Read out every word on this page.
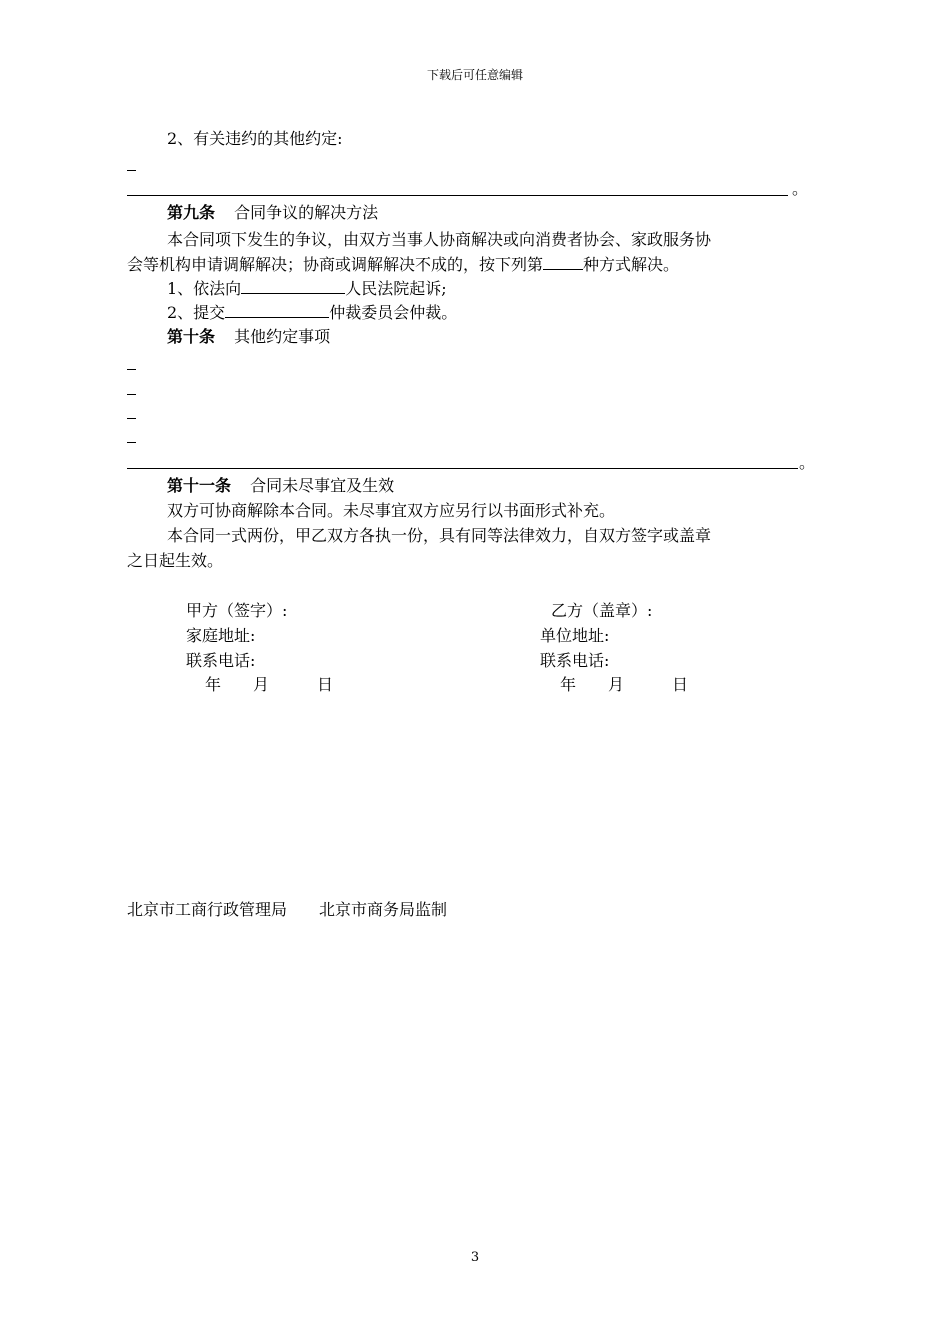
下载后可任意编辑
2、有关违约的其他约定:
。
第九条 合同争议的解决方法
本合同项下发生的争议，由双方当事人协商解决或向消费者协会、家政服务协
会等机构申请调解解决；协商或调解解决不成的，按下列第	种方式解决。
1、依法向	人民法院起诉;
2、提交	仲裁委员会仲裁。
第十条 其他约定事项
。
第十一条 合同未尽事宜及生效
双方可协商解除本合同。未尽事宜双方应另行以书面形式补充。
本合同一式两份，甲乙双方各执一份，具有同等法律效力，自双方签字或盖章
之日起生效。
甲方（签字）:
家庭地址:
联系电话:
年　　月　　　日
乙方（盖章）:
单位地址:
联系电话:
年　　月　　　日
北京市工商行政管理局　　北京市商务局监制
3
